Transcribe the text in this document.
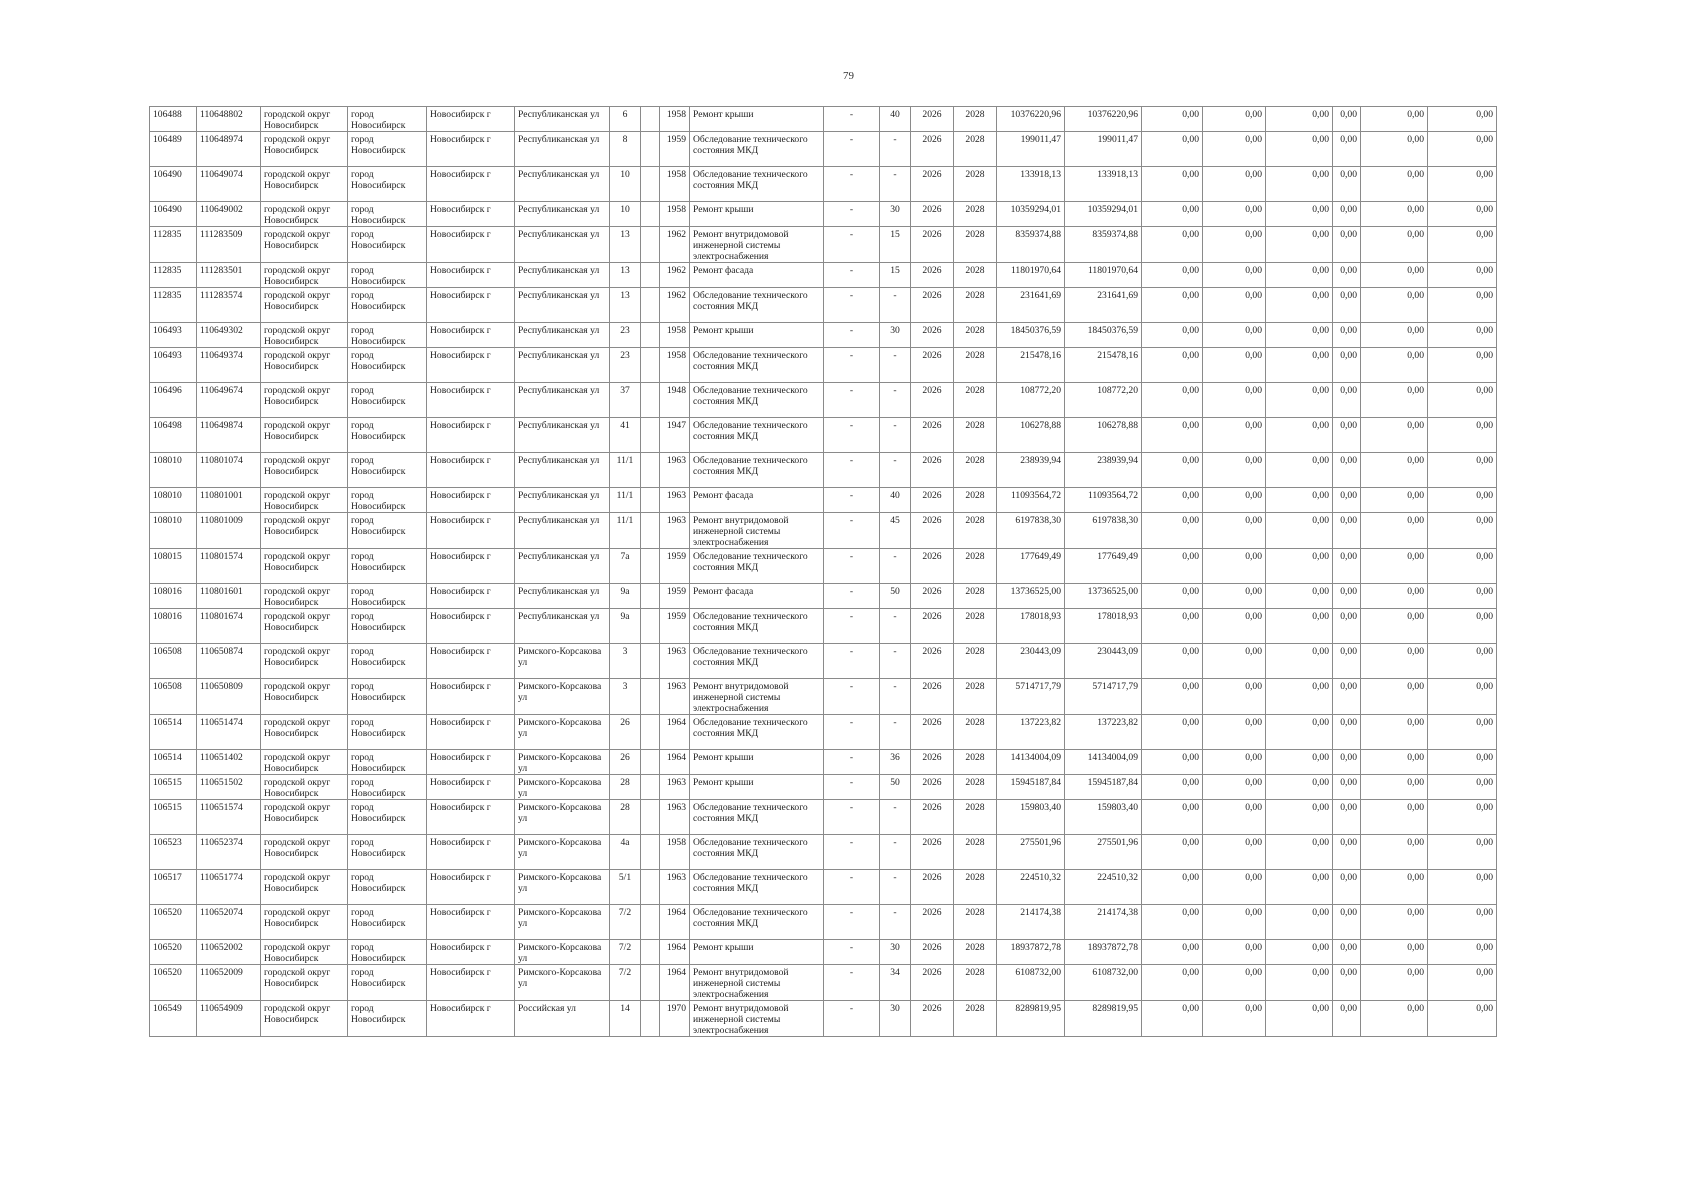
79
106488	110648802	городской округ Новосибирск	город Новосибирск	Новосибирск г	Республиканская ул	6		1958	Ремонт крыши	-	40	2026	2028	10376220,96	10376220,96	0,00	0,00	0,00	0,00	0,00	0,00
106489	110648974	городской округ Новосибирск	город Новосибирск	Новосибирск г	Республиканская ул	8		1959	Обследование технического состояния МКД	-	-	2026	2028	199011,47	199011,47	0,00	0,00	0,00	0,00	0,00	0,00
106490	110649074	городской округ Новосибирск	город Новосибирск	Новосибирск г	Республиканская ул	10		1958	Обследование технического состояния МКД	-	-	2026	2028	133918,13	133918,13	0,00	0,00	0,00	0,00	0,00	0,00
106490	110649002	городской округ Новосибирск	город Новосибирск	Новосибирск г	Республиканская ул	10		1958	Ремонт крыши	-	30	2026	2028	10359294,01	10359294,01	0,00	0,00	0,00	0,00	0,00	0,00
112835	111283509	городской округ Новосибирск	город Новосибирск	Новосибирск г	Республиканская ул	13		1962	Ремонт внутридомовой инженерной системы электроснабжения	-	15	2026	2028	8359374,88	8359374,88	0,00	0,00	0,00	0,00	0,00	0,00
112835	111283501	городской округ Новосибирск	город Новосибирск	Новосибирск г	Республиканская ул	13		1962	Ремонт фасада	-	15	2026	2028	11801970,64	11801970,64	0,00	0,00	0,00	0,00	0,00	0,00
112835	111283574	городской округ Новосибирск	город Новосибирск	Новосибирск г	Республиканская ул	13		1962	Обследование технического состояния МКД	-	-	2026	2028	231641,69	231641,69	0,00	0,00	0,00	0,00	0,00	0,00
106493	110649302	городской округ Новосибирск	город Новосибирск	Новосибирск г	Республиканская ул	23		1958	Ремонт крыши	-	30	2026	2028	18450376,59	18450376,59	0,00	0,00	0,00	0,00	0,00	0,00
106493	110649374	городской округ Новосибирск	город Новосибирск	Новосибирск г	Республиканская ул	23		1958	Обследование технического состояния МКД	-	-	2026	2028	215478,16	215478,16	0,00	0,00	0,00	0,00	0,00	0,00
106496	110649674	городской округ Новосибирск	город Новосибирск	Новосибирск г	Республиканская ул	37		1948	Обследование технического состояния МКД	-	-	2026	2028	108772,20	108772,20	0,00	0,00	0,00	0,00	0,00	0,00
106498	110649874	городской округ Новосибирск	город Новосибирск	Новосибирск г	Республиканская ул	41		1947	Обследование технического состояния МКД	-	-	2026	2028	106278,88	106278,88	0,00	0,00	0,00	0,00	0,00	0,00
108010	110801074	городской округ Новосибирск	город Новосибирск	Новосибирск г	Республиканская ул	11/1		1963	Обследование технического состояния МКД	-	-	2026	2028	238939,94	238939,94	0,00	0,00	0,00	0,00	0,00	0,00
108010	110801001	городской округ Новосибирск	город Новосибирск	Новосибирск г	Республиканская ул	11/1		1963	Ремонт фасада	-	40	2026	2028	11093564,72	11093564,72	0,00	0,00	0,00	0,00	0,00	0,00
108010	110801009	городской округ Новосибирск	город Новосибирск	Новосибирск г	Республиканская ул	11/1		1963	Ремонт внутридомовой инженерной системы электроснабжения	-	45	2026	2028	6197838,30	6197838,30	0,00	0,00	0,00	0,00	0,00	0,00
108015	110801574	городской округ Новосибирск	город Новосибирск	Новосибирск г	Республиканская ул	7а		1959	Обследование технического состояния МКД	-	-	2026	2028	177649,49	177649,49	0,00	0,00	0,00	0,00	0,00	0,00
108016	110801601	городской округ Новосибирск	город Новосибирск	Новосибирск г	Республиканская ул	9а		1959	Ремонт фасада	-	50	2026	2028	13736525,00	13736525,00	0,00	0,00	0,00	0,00	0,00	0,00
108016	110801674	городской округ Новосибирск	город Новосибирск	Новосибирск г	Республиканская ул	9а		1959	Обследование технического состояния МКД	-	-	2026	2028	178018,93	178018,93	0,00	0,00	0,00	0,00	0,00	0,00
106508	110650874	городской округ Новосибирск	город Новосибирск	Новосибирск г	Римского-Корсакова ул	3		1963	Обследование технического состояния МКД	-	-	2026	2028	230443,09	230443,09	0,00	0,00	0,00	0,00	0,00	0,00
106508	110650809	городской округ Новосибирск	город Новосибирск	Новосибирск г	Римского-Корсакова ул	3		1963	Ремонт внутридомовой инженерной системы электроснабжения	-	-	2026	2028	5714717,79	5714717,79	0,00	0,00	0,00	0,00	0,00	0,00
106514	110651474	городской округ Новосибирск	город Новосибирск	Новосибирск г	Римского-Корсакова ул	26		1964	Обследование технического состояния МКД	-	-	2026	2028	137223,82	137223,82	0,00	0,00	0,00	0,00	0,00	0,00
106514	110651402	городской округ Новосибирск	город Новосибирск	Новосибирск г	Римского-Корсакова ул	26		1964	Ремонт крыши	-	36	2026	2028	14134004,09	14134004,09	0,00	0,00	0,00	0,00	0,00	0,00
106515	110651502	городской округ Новосибирск	город Новосибирск	Новосибирск г	Римского-Корсакова ул	28		1963	Ремонт крыши	-	50	2026	2028	15945187,84	15945187,84	0,00	0,00	0,00	0,00	0,00	0,00
106515	110651574	городской округ Новосибирск	город Новосибирск	Новосибирск г	Римского-Корсакова ул	28		1963	Обследование технического состояния МКД	-	-	2026	2028	159803,40	159803,40	0,00	0,00	0,00	0,00	0,00	0,00
106523	110652374	городской округ Новосибирск	город Новосибирск	Новосибирск г	Римского-Корсакова ул	4а		1958	Обследование технического состояния МКД	-	-	2026	2028	275501,96	275501,96	0,00	0,00	0,00	0,00	0,00	0,00
106517	110651774	городской округ Новосибирск	город Новосибирск	Новосибирск г	Римского-Корсакова ул	5/1		1963	Обследование технического состояния МКД	-	-	2026	2028	224510,32	224510,32	0,00	0,00	0,00	0,00	0,00	0,00
106520	110652074	городской округ Новосибирск	город Новосибирск	Новосибирск г	Римского-Корсакова ул	7/2		1964	Обследование технического состояния МКД	-	-	2026	2028	214174,38	214174,38	0,00	0,00	0,00	0,00	0,00	0,00
106520	110652002	городской округ Новосибирск	город Новосибирск	Новосибирск г	Римского-Корсакова ул	7/2		1964	Ремонт крыши	-	30	2026	2028	18937872,78	18937872,78	0,00	0,00	0,00	0,00	0,00	0,00
106520	110652009	городской округ Новосибирск	город Новосибирск	Новосибирск г	Римского-Корсакова ул	7/2		1964	Ремонт внутридомовой инженерной системы электроснабжения	-	34	2026	2028	6108732,00	6108732,00	0,00	0,00	0,00	0,00	0,00	0,00
106549	110654909	городской округ Новосибирск	город Новосибирск	Новосибирск г	Российская ул	14		1970	Ремонт внутридомовой инженерной системы электроснабжения	-	30	2026	2028	8289819,95	8289819,95	0,00	0,00	0,00	0,00	0,00	0,00
